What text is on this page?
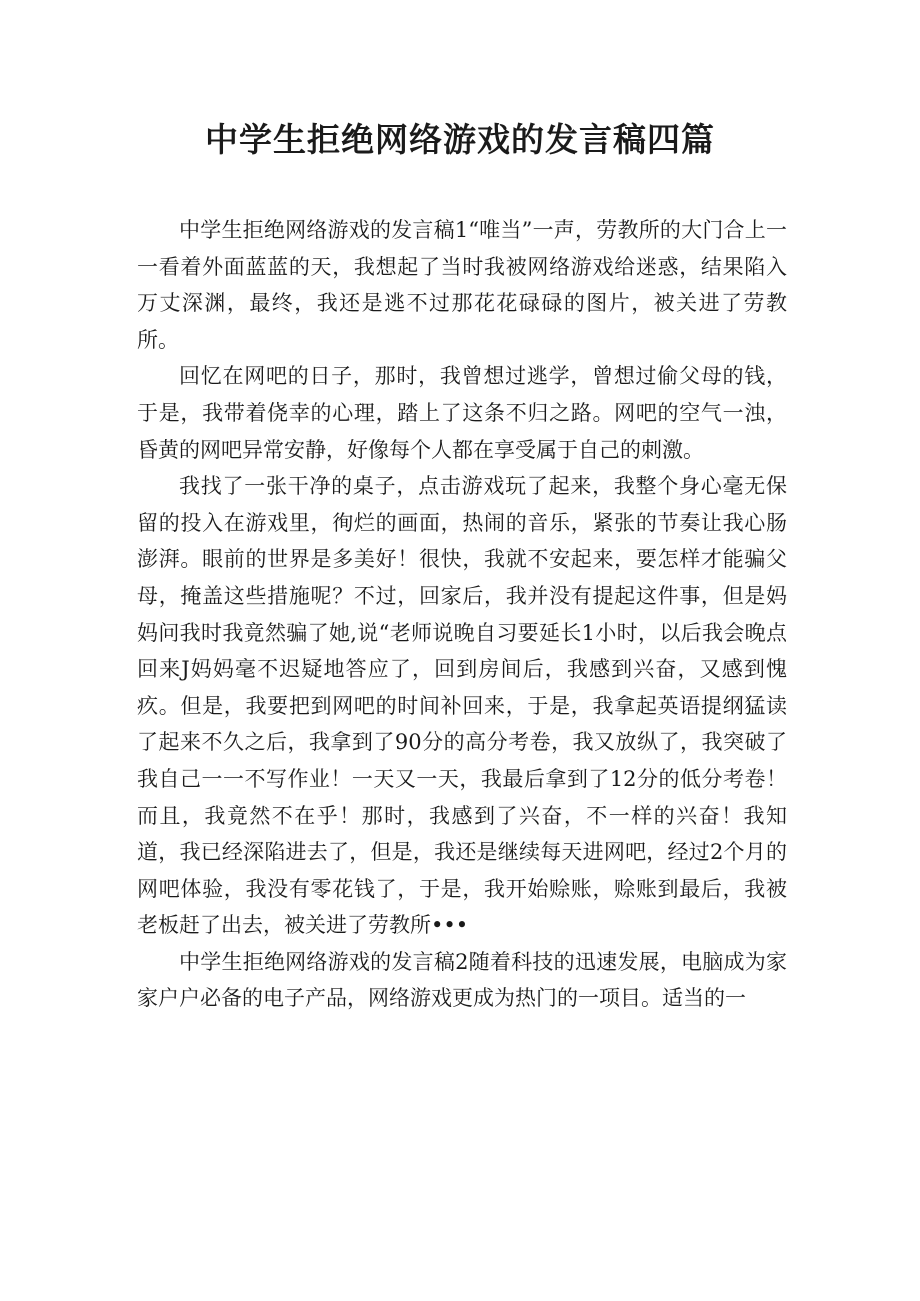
中学生拒绝网络游戏的发言稿四篇

中学生拒绝网络游戏的发言稿1“唯当”一声，劳教所的大门合上一一看着外面蓝蓝的天，我想起了当时我被网络游戏给迷惑，结果陷入万丈深渊，最终，我还是逃不过那花花碌碌的图片，被关进了劳教所。

回忆在网吧的日子，那时，我曾想过逃学，曾想过偷父母的钱，于是，我带着侥幸的心理，踏上了这条不归之路。网吧的空气一浊，昏黄的网吧异常安静，好像每个人都在享受属于自己的刺激。

我找了一张干净的桌子，点击游戏玩了起来，我整个身心毫无保留的投入在游戏里，徇烂的画面，热闹的音乐，紧张的节奏让我心肠澎湃。眼前的世界是多美好！很快，我就不安起来，要怎样才能骗父母，掩盖这些措施呢？不过，回家后，我并没有提起这件事，但是妈妈问我时我竟然骗了她,说“老师说晚自习要延长1小时，以后我会晚点回来J妈妈毫不迟疑地答应了，回到房间后，我感到兴奋，又感到愧疚。但是，我要把到网吧的时间补回来，于是，我拿起英语提纲猛读了起来不久之后，我拿到了90分的高分考卷，我又放纵了，我突破了我自己一一不写作业！一天又一天，我最后拿到了12分的低分考卷！而且，我竟然不在乎！那时，我感到了兴奋，不一样的兴奋！我知道，我已经深陷进去了，但是，我还是继续每天进网吧，经过2个月的网吧体验，我没有零花钱了，于是，我开始赊账，赊账到最后，我被老板赶了出去，被关进了劳教所•••

中学生拒绝网络游戏的发言稿2随着科技的迅速发展，电脑成为家家户户必备的电子产品，网络游戏更成为热门的一项目。适当的一
